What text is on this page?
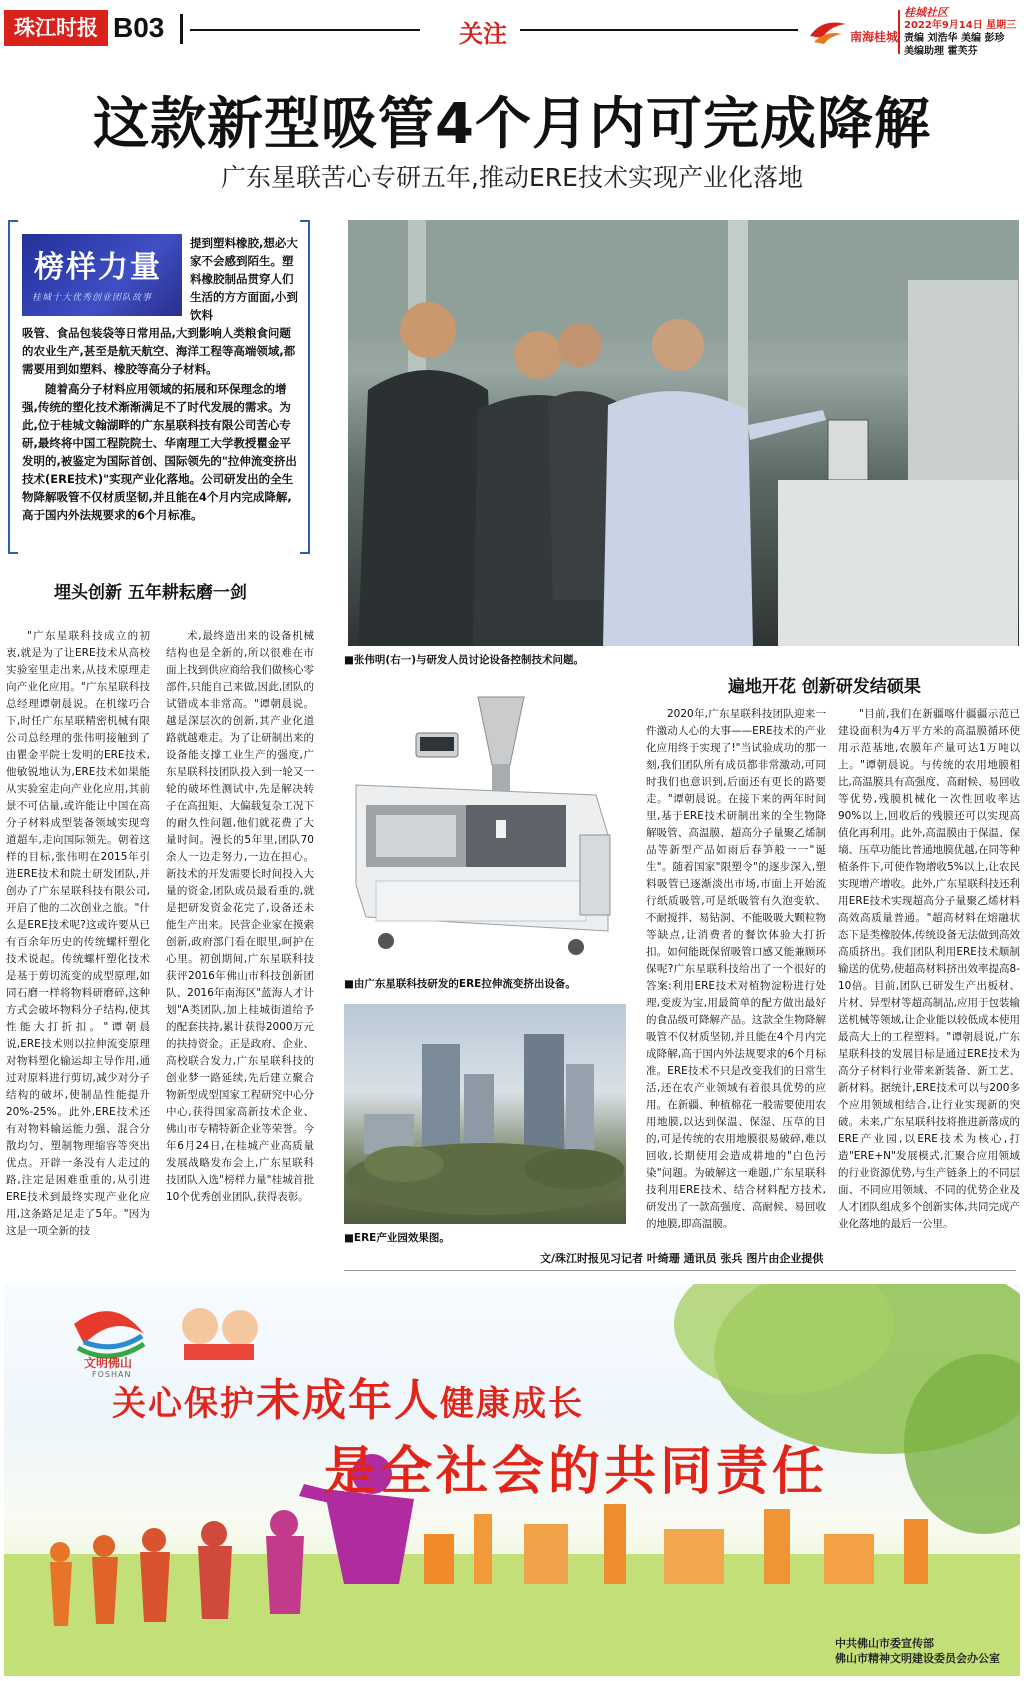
珠江时报 B03	关注	南海桂城
桂城社区
2022年9月14日 星期三
责编 刘浩华 美编 彭珍
美编助理 霍芙芬
这款新型吸管4个月内可完成降解
广东星联苦心专研五年,推动ERE技术实现产业化落地
榜样力量
桂城十大优秀创业团队故事
提到塑料橡胶,想必大家不会感到陌生。塑料橡胶制品贯穿人们生活的方方面面,小到饮料
吸管、食品包装袋等日常用品,大到影响人类粮食问题的农业生产,甚至是航天航空、海洋工程等高端领域,都需要用到如塑料、橡胶等高分子材料。
随着高分子材料应用领域的拓展和环保理念的增强,传统的塑化技术渐渐满足不了时代发展的需求。为此,位于桂城文翰湖畔的广东星联科技有限公司苦心专研,最终将中国工程院院士、华南理工大学教授瞿金平发明的,被鉴定为国际首创、国际领先的"拉伸流变挤出技术(ERE技术)"实现产业化落地。公司研发出的全生物降解吸管不仅材质坚韧,并且能在4个月内完成降解,高于国内外法规要求的6个月标准。
埋头创新 五年耕耘磨一剑

"广东星联科技成立的初衷,就是为了让ERE技术从高校实验室里走出来,从技术原理走向产业化应用。"广东星联科技总经理谭朝晨说。在机缘巧合下,时任广东星联精密机械有限公司总经理的张伟明接触到了由瞿金平院士发明的ERE技术,他敏锐地认为,ERE技术如果能从实验室走向产业化应用,其前景不可估量,或许能让中国在高分子材料成型装备领域实现弯道超车,走向国际领先。朝着这样的目标,张伟明在2015年引进ERE技术和院士研发团队,并创办了广东星联科技有限公司,开启了他的二次创业之旅。"什么是ERE技术呢?这或许要从已有百余年历史的传统螺杆塑化技术说起。传统螺杆塑化技术是基于剪切流变的成型原理,如同石磨一样将物料研磨碎,这种方式会破坏物料分子结构,使其性能大打折扣。"谭朝晨说,ERE技术则以拉伸流变原理对物料塑化输运却主导作用,通过对原料进行剪切,减少对分子结构的破坏,使制品性能提升20%-25%。此外,ERE技术还有对物料输运能力强、混合分散均匀、塑制物理缩容等突出优点。开辟一条没有人走过的路,注定是困难重重的,从引进ERE技术到最终实现产业化应用,这条路足足走了5年。"因为这是一项全新的技

术,最终造出来的设备机械结构也是全新的,所以很难在市面上找到供应商给我们做核心零部件,只能自己来做,因此,团队的试错成本非常高。"谭朝晨说。越是深层次的创新,其产业化道路就越难走。为了让研制出来的设备能支撑工业生产的强度,广东星联科技团队投入到一轮又一轮的破坏性测试中,先是解决转子在高扭矩、大偏载复杂工况下的耐久性问题,他们就花费了大量时间。漫长的5年里,团队70余人一边走努力,一边在担心。新技术的开发需要长时间投入大量的资金,团队成员最看重的,就是把研发资金花完了,设备还未能生产出来。民营企业家在摸索创新,政府部门看在眼里,呵护在心里。初创期间,广东星联科技获评2016年佛山市科技创新团队、2016年南海区"蓝海人才计划"A类团队,加上桂城街道给予的配套扶持,累计获得2000万元的扶持资金。正是政府、企业、高校联合发力,广东星联科技的创业梦一路延续,先后建立聚合物新型成型国家工程研究中心分中心,获得国家高新技术企业、佛山市专精特新企业等荣誉。今年6月24日,在桂城产业高质量发展战略发布会上,广东星联科技团队入选"榜样力量"桂城首批10个优秀创业团队,获得表彰。

■张伟明(右一)与研发人员讨论设备控制技术问题。
■由广东星联科技研发的ERE拉伸流变挤出设备。
■ERE产业园效果图。
遍地开花 创新研发结硕果

2020年,广东星联科技团队迎来一件激动人心的大事——ERE技术的产业化应用终于实现了!"当试验成功的那一刻,我们团队所有成员都非常激动,可同时我们也意识到,后面还有更长的路要走。"谭朝晨说。在接下来的两年时间里,基于ERE技术研制出来的全生物降解吸管、高温膜、超高分子量聚乙烯制品等新型产品如雨后春笋般一一"诞生"。随着国家"限塑令"的逐步深入,塑料吸管已逐渐淡出市场,市面上开始流行纸质吸管,可是纸吸管有久泡变软、不耐搅拌、易钻洞、不能吸吸大颗粒物等缺点,让消费者的餐饮体验大打折扣。如何能既保留吸管口感又能兼顾环保呢?广东星联科技给出了一个很好的答案:利用ERE技术对植物淀粉进行处理,变废为宝,用最简单的配方做出最好的食品级可降解产品。这款全生物降解吸管不仅材质坚韧,并且能在4个月内完成降解,高于国内外法规要求的6个月标准。ERE技术不只是改变我们的日常生活,还在农产业领域有着很具优势的应用。在新疆、种植棉花一般需要使用农用地膜,以达到保温、保湿、压草的目的,可是传统的农用地膜很易破碎,难以回收,长期使用会造成耕地的"白色污染"问题。为破解这一难题,广东星联科技利用ERE技术、结合材料配方技术,研发出了一款高强度、高耐候、易回收的地膜,即高温膜。

"目前,我们在新疆喀什疆疆示范已建设面积为4万平方米的高温膜循环使用示范基地,农膜年产量可达1万吨以上。"谭朝晨说。与传统的农用地膜相比,高温膜具有高强度、高耐候、易回收等优势,残膜机械化一次性回收率达90%以上,回收后的残膜还可以实现高值化再利用。此外,高温膜由于保温、保墒、压草功能比普通地膜优越,在同等种植条件下,可使作物增收5%以上,让农民实现增产增收。此外,广东星联科技还利用ERE技术实现超高分子量聚乙烯材料高效高质量普通。"超高材料在熔融状态下是类橡胶体,传统设备无法做到高效高质挤出。我们团队利用ERE技术顺制输送的优势,使超高材料挤出效率提高8-10倍。目前,团队已研发生产出板材、片材、异型材等超高制品,应用于包装输送机械等领域,让企业能以较低成本使用最高大上的工程塑料。"谭朝晨说,广东星联科技的发展目标是通过ERE技术为高分子材料行业带来新装备、新工艺、新材料。据统计,ERE技术可以与200多个应用领域相结合,让行业实现新的突破。未来,广东星联科技将推进新落成的ERE产业园,以ERE技术为核心,打造"ERE+N"发展模式,汇聚合应用领域的行业资源优势,与生产链条上的不同层面、不同应用领域、不同的优势企业及人才团队组成多个创新实体,共同完成产业化落地的最后一公里。

文/珠江时报见习记者 叶绮珊 通讯员 张兵 图片由企业提供
文明佛山
FOSHAN
关心保护未成年人健康成长
是全社会的共同责任
中共佛山市委宣传部
佛山市精神文明建设委员会办公室
